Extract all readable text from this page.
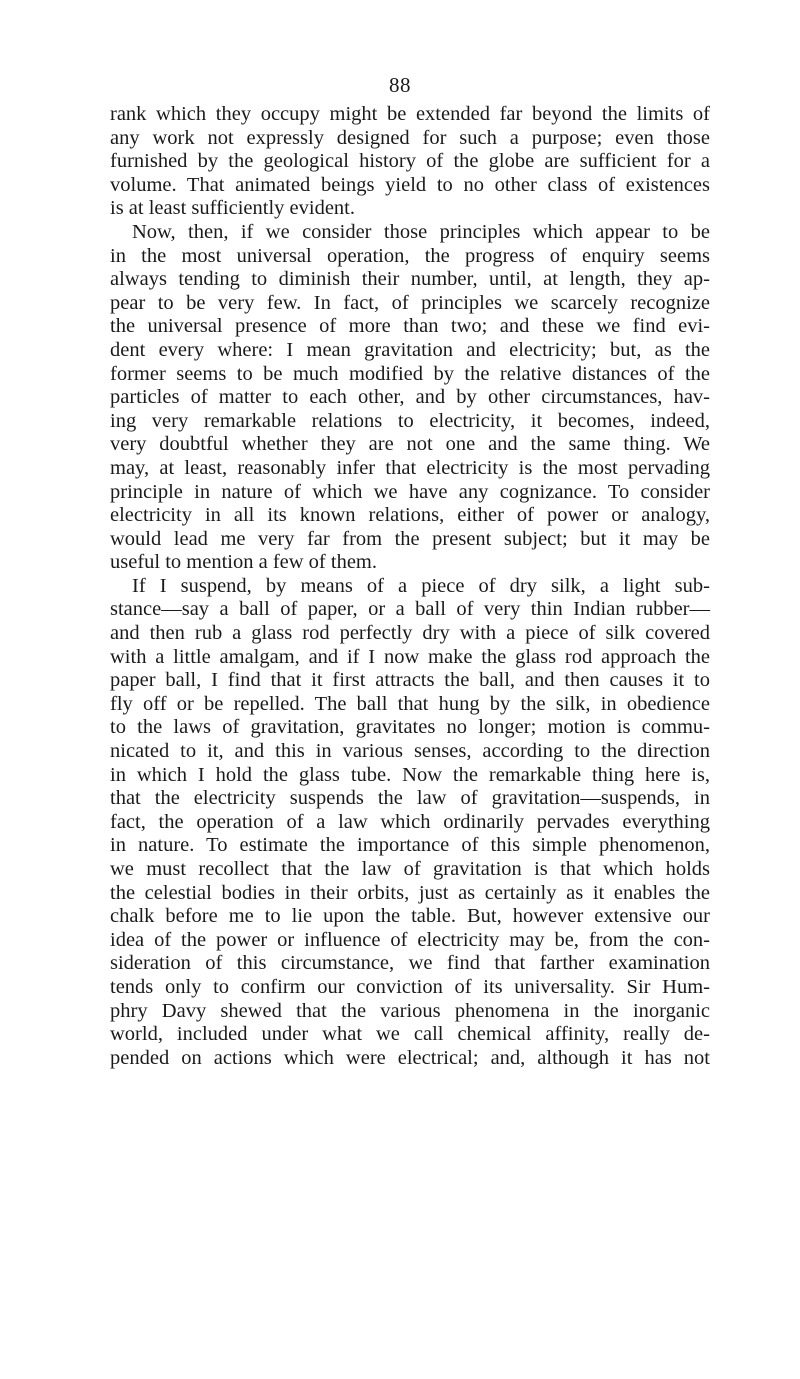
88
rank which they occupy might be extended far beyond the limits of
any work not expressly designed for such a purpose; even those
furnished by the geological history of the globe are sufficient for a
volume. That animated beings yield to no other class of existences
is at least sufficiently evident.
Now, then, if we consider those principles which appear to be
in the most universal operation, the progress of enquiry seems
always tending to diminish their number, until, at length, they ap-
pear to be very few. In fact, of principles we scarcely recognize
the universal presence of more than two; and these we find evi-
dent every where: I mean gravitation and electricity; but, as the
former seems to be much modified by the relative distances of the
particles of matter to each other, and by other circumstances, hav-
ing very remarkable relations to electricity, it becomes, indeed,
very doubtful whether they are not one and the same thing. We
may, at least, reasonably infer that electricity is the most pervading
principle in nature of which we have any cognizance. To consider
electricity in all its known relations, either of power or analogy,
would lead me very far from the present subject; but it may be
useful to mention a few of them.
If I suspend, by means of a piece of dry silk, a light sub-
stance—say a ball of paper, or a ball of very thin Indian rubber—
and then rub a glass rod perfectly dry with a piece of silk covered
with a little amalgam, and if I now make the glass rod approach the
paper ball, I find that it first attracts the ball, and then causes it to
fly off or be repelled. The ball that hung by the silk, in obedience
to the laws of gravitation, gravitates no longer; motion is commu-
nicated to it, and this in various senses, according to the direction
in which I hold the glass tube. Now the remarkable thing here is,
that the electricity suspends the law of gravitation—suspends, in
fact, the operation of a law which ordinarily pervades everything
in nature. To estimate the importance of this simple phenomenon,
we must recollect that the law of gravitation is that which holds
the celestial bodies in their orbits, just as certainly as it enables the
chalk before me to lie upon the table. But, however extensive our
idea of the power or influence of electricity may be, from the con-
sideration of this circumstance, we find that farther examination
tends only to confirm our conviction of its universality. Sir Hum-
phry Davy shewed that the various phenomena in the inorganic
world, included under what we call chemical affinity, really de-
pended on actions which were electrical; and, although it has not
